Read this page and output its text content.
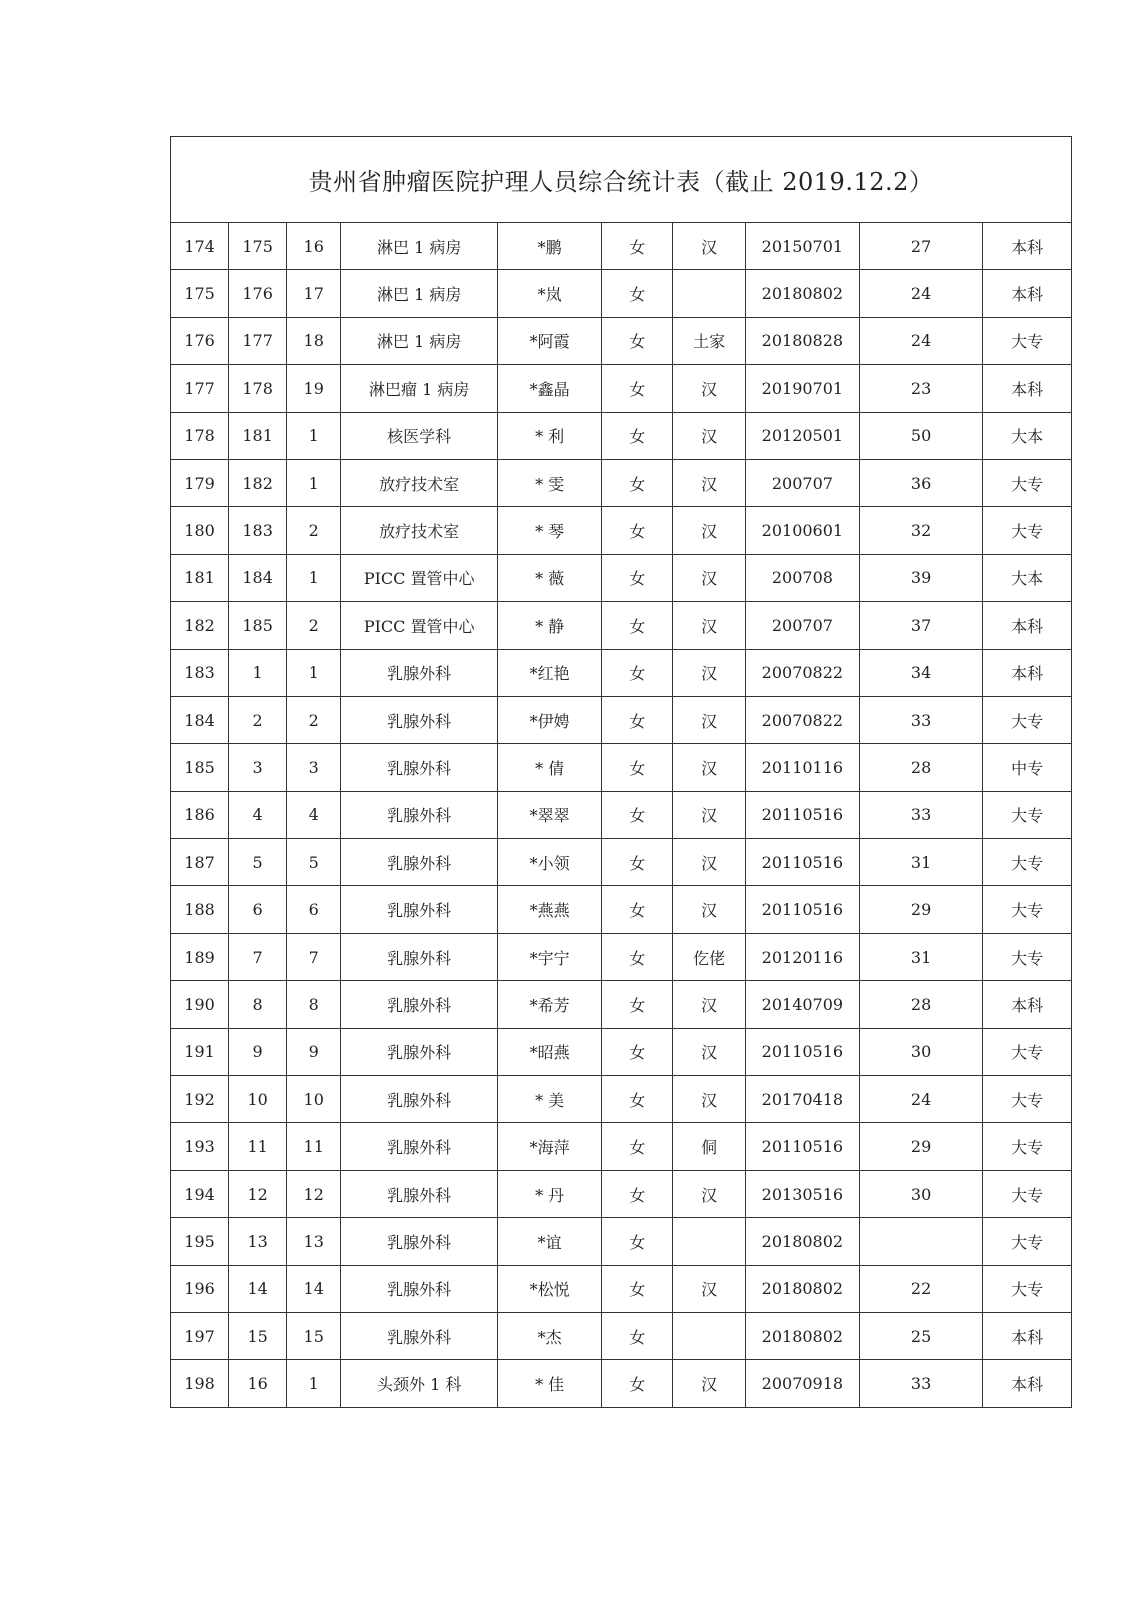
贵州省肿瘤医院护理人员综合统计表（截止 2019.12.2）									
174	175	16	淋巴 1 病房	*鹏	女	汉	20150701	27	本科
175	176	17	淋巴 1 病房	*岚	女		20180802	24	本科
176	177	18	淋巴 1 病房	*阿霞	女	土家	20180828	24	大专
177	178	19	淋巴瘤 1 病房	*鑫晶	女	汉	20190701	23	本科
178	181	1	核医学科	* 利	女	汉	20120501	50	大本
179	182	1	放疗技术室	* 雯	女	汉	200707	36	大专
180	183	2	放疗技术室	* 琴	女	汉	20100601	32	大专
181	184	1	PICC 置管中心	* 薇	女	汉	200708	39	大本
182	185	2	PICC 置管中心	* 静	女	汉	200707	37	本科
183	1	1	乳腺外科	*红艳	女	汉	20070822	34	本科
184	2	2	乳腺外科	*伊娉	女	汉	20070822	33	大专
185	3	3	乳腺外科	* 倩	女	汉	20110116	28	中专
186	4	4	乳腺外科	*翠翠	女	汉	20110516	33	大专
187	5	5	乳腺外科	*小领	女	汉	20110516	31	大专
188	6	6	乳腺外科	*燕燕	女	汉	20110516	29	大专
189	7	7	乳腺外科	*宇宁	女	仡佬	20120116	31	大专
190	8	8	乳腺外科	*希芳	女	汉	20140709	28	本科
191	9	9	乳腺外科	*昭燕	女	汉	20110516	30	大专
192	10	10	乳腺外科	* 美	女	汉	20170418	24	大专
193	11	11	乳腺外科	*海萍	女	侗	20110516	29	大专
194	12	12	乳腺外科	* 丹	女	汉	20130516	30	大专
195	13	13	乳腺外科	*谊	女		20180802		大专
196	14	14	乳腺外科	*松悦	女	汉	20180802	22	大专
197	15	15	乳腺外科	*杰	女		20180802	25	本科
198	16	1	头颈外 1 科	* 佳	女	汉	20070918	33	本科
